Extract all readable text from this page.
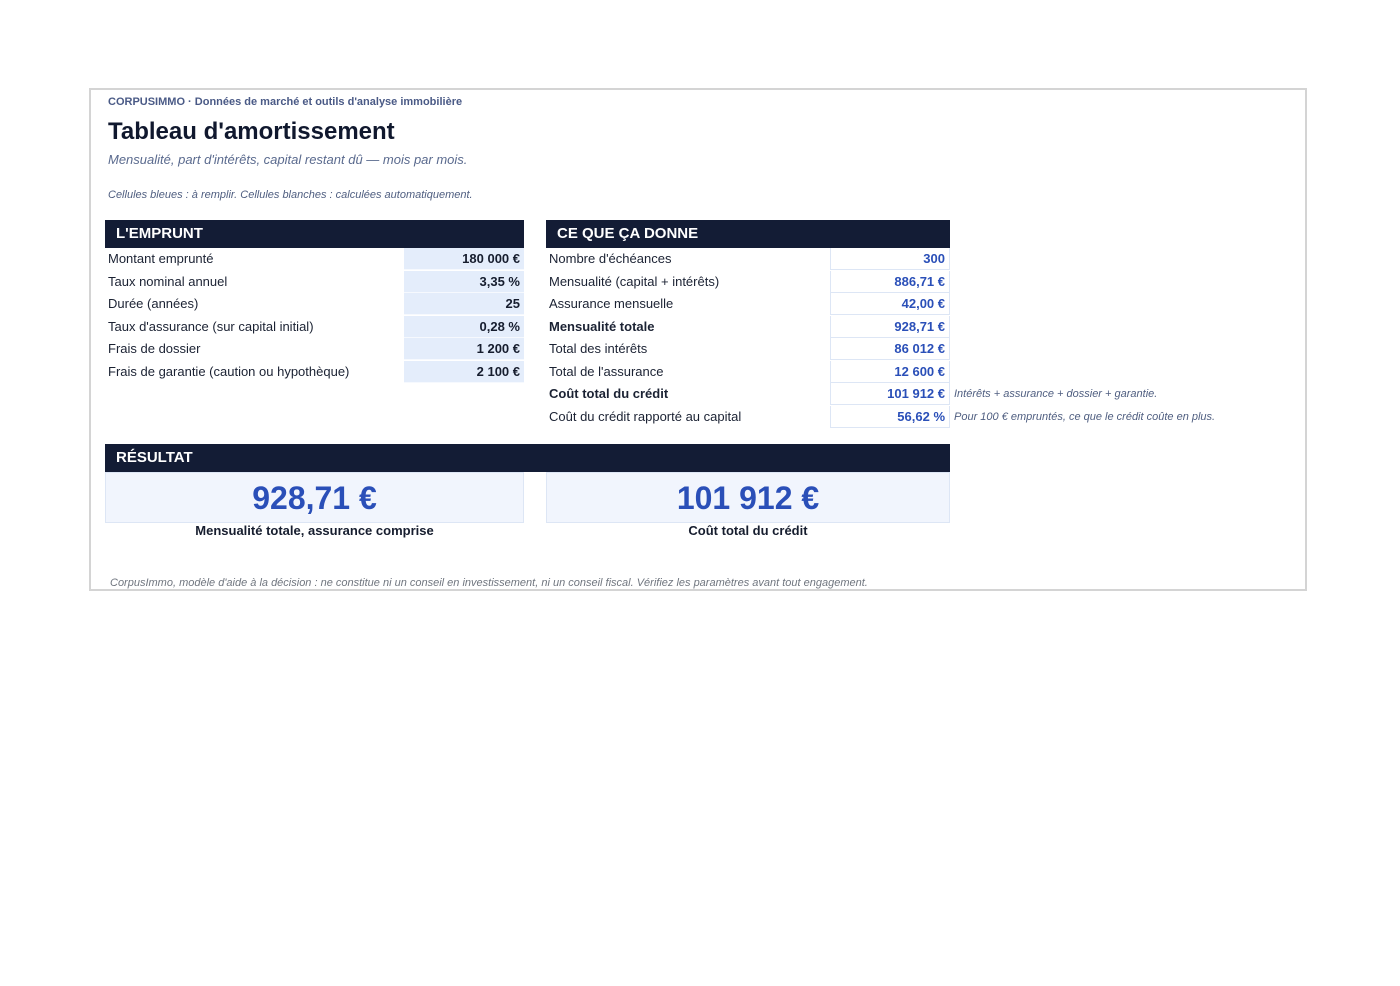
CORPUSIMMO · Données de marché et outils d'analyse immobilière
Tableau d'amortissement
Mensualité, part d'intérêts, capital restant dû — mois par mois.
Cellules bleues : à remplir. Cellules blanches : calculées automatiquement.
L'EMPRUNT
Montant emprunté	180 000 €
Taux nominal annuel	3,35 %
Durée (années)	25
Taux d'assurance (sur capital initial)	0,28 %
Frais de dossier	1 200 €
Frais de garantie (caution ou hypothèque)	2 100 €
CE QUE ÇA DONNE
Nombre d'échéances	300
Mensualité (capital + intérêts)	886,71 €
Assurance mensuelle	42,00 €
Mensualité totale	928,71 €
Total des intérêts	86 012 €
Total de l'assurance	12 600 €
Coût total du crédit	101 912 € Intérêts + assurance + dossier + garantie.
Coût du crédit rapporté au capital	56,62 % Pour 100 € empruntés, ce que le crédit coûte en plus.
RÉSULTAT
928,71 €
Mensualité totale, assurance comprise
101 912 €
Coût total du crédit
CorpusImmo, modèle d'aide à la décision : ne constitue ni un conseil en investissement, ni un conseil fiscal. Vérifiez les paramètres avant tout engagement.
